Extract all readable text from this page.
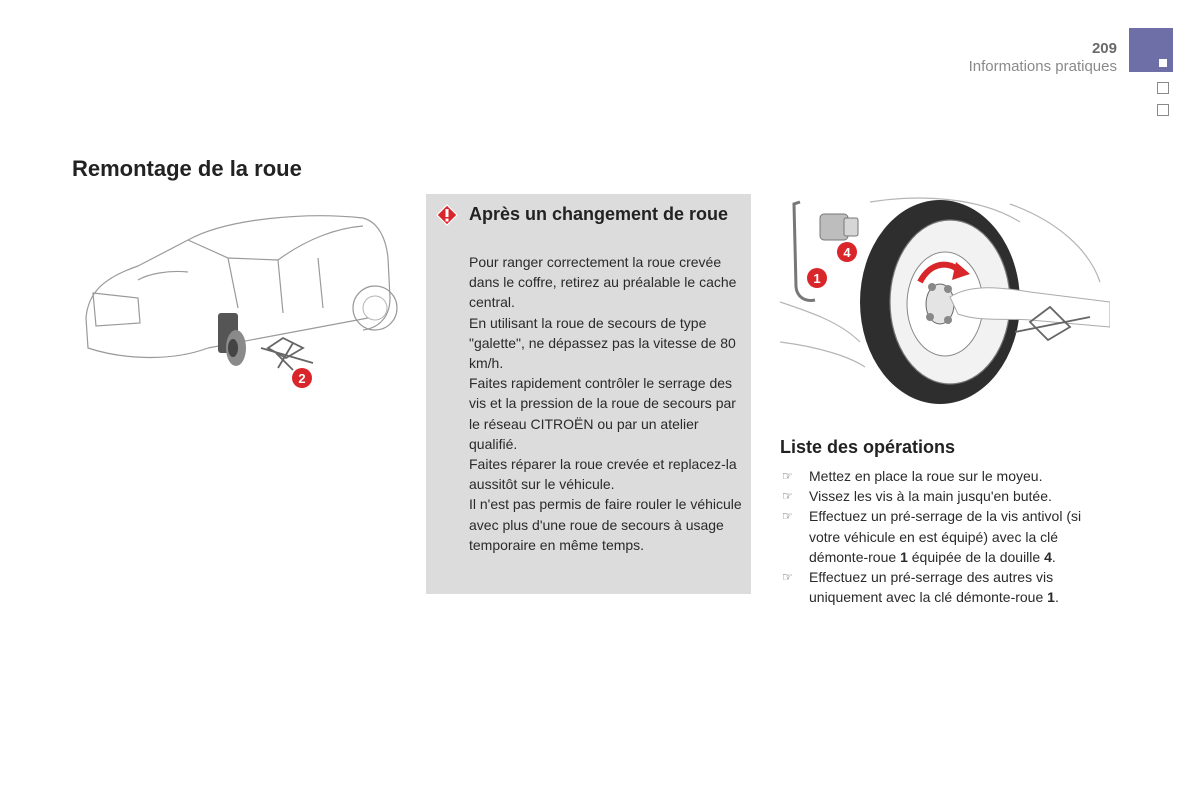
209
Informations pratiques
Remontage de la roue
2
Après un changement de roue

Pour ranger correctement la roue crevée dans le coffre, retirez au préalable le cache central.
En utilisant la roue de secours de type "galette", ne dépassez pas la vitesse de 80 km/h.
Faites rapidement contrôler le serrage des vis et la pression de la roue de secours par le réseau CITROËN ou par un atelier qualifié.
Faites réparer la roue crevée et replacez-la aussitôt sur le véhicule.
Il n'est pas permis de faire rouler le véhicule avec plus d'une roue de secours à usage temporaire en même temps.

1
4
Liste des opérations
☞ Mettez en place la roue sur le moyeu.
☞ Vissez les vis à la main jusqu'en butée.
☞ Effectuez un pré-serrage de la vis antivol (si votre véhicule en est équipé) avec la clé démonte-roue 1 équipée de la douille 4.
☞ Effectuez un pré-serrage des autres vis uniquement avec la clé démonte-roue 1.
